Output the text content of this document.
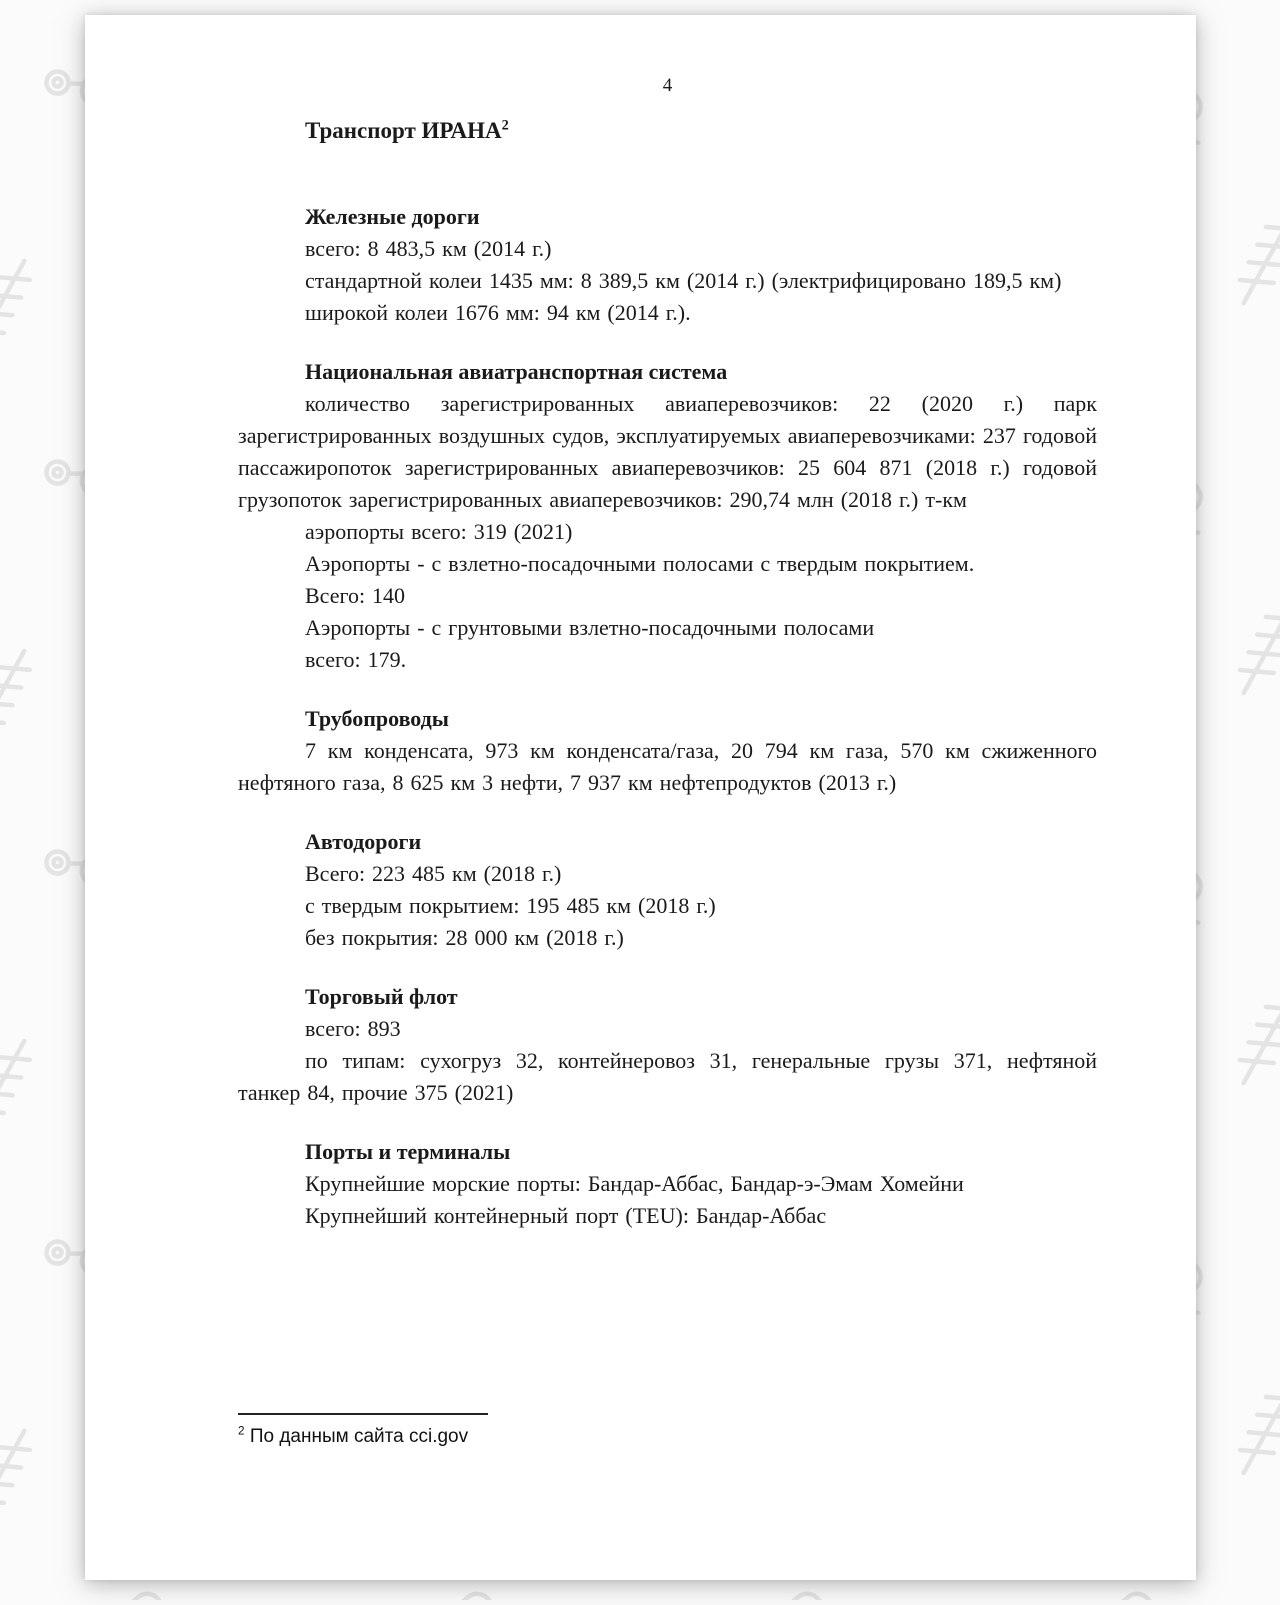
4
Транспорт ИРАНА$^2$
Железные дороги

всего: 8 483,5 км (2014 г.)

стандартной колеи 1435 мм: 8 389,5 км (2014 г.) (электрифицировано 189,5 км)

широкой колеи 1676 мм: 94 км (2014 г.).

Национальная авиатранспортная система

количество зарегистрированных авиаперевозчиков: 22 (2020 г.) парк зарегистрированных воздушных судов, эксплуатируемых авиаперевозчиками: 237 годовой пассажиропоток зарегистрированных авиаперевозчиков: 25 604 871 (2018 г.) годовой грузопоток зарегистрированных авиаперевозчиков: 290,74 млн (2018 г.) т-км

аэропорты всего: 319 (2021)

Аэропорты - с взлетно-посадочными полосами с твердым покрытием.

Всего: 140

Аэропорты - с грунтовыми взлетно-посадочными полосами

всего: 179.

Трубопроводы

7 км конденсата, 973 км конденсата/газа, 20 794 км газа, 570 км сжиженного нефтяного газа, 8 625 км 3 нефти, 7 937 км нефтепродуктов (2013 г.)

Автодороги

Всего: 223 485 км (2018 г.)

с твердым покрытием: 195 485 км (2018 г.)

без покрытия: 28 000 км (2018 г.)

Торговый флот

всего: 893

по типам: сухогруз 32, контейнеровоз 31, генеральные грузы 371, нефтяной танкер 84, прочие 375 (2021)

Порты и терминалы

Крупнейшие морские порты: Бандар-Аббас, Бандар-э-Эмам Хомейни

Крупнейший контейнерный порт (TEU): Бандар-Аббас

$^2$ По данным сайта cci.gov
